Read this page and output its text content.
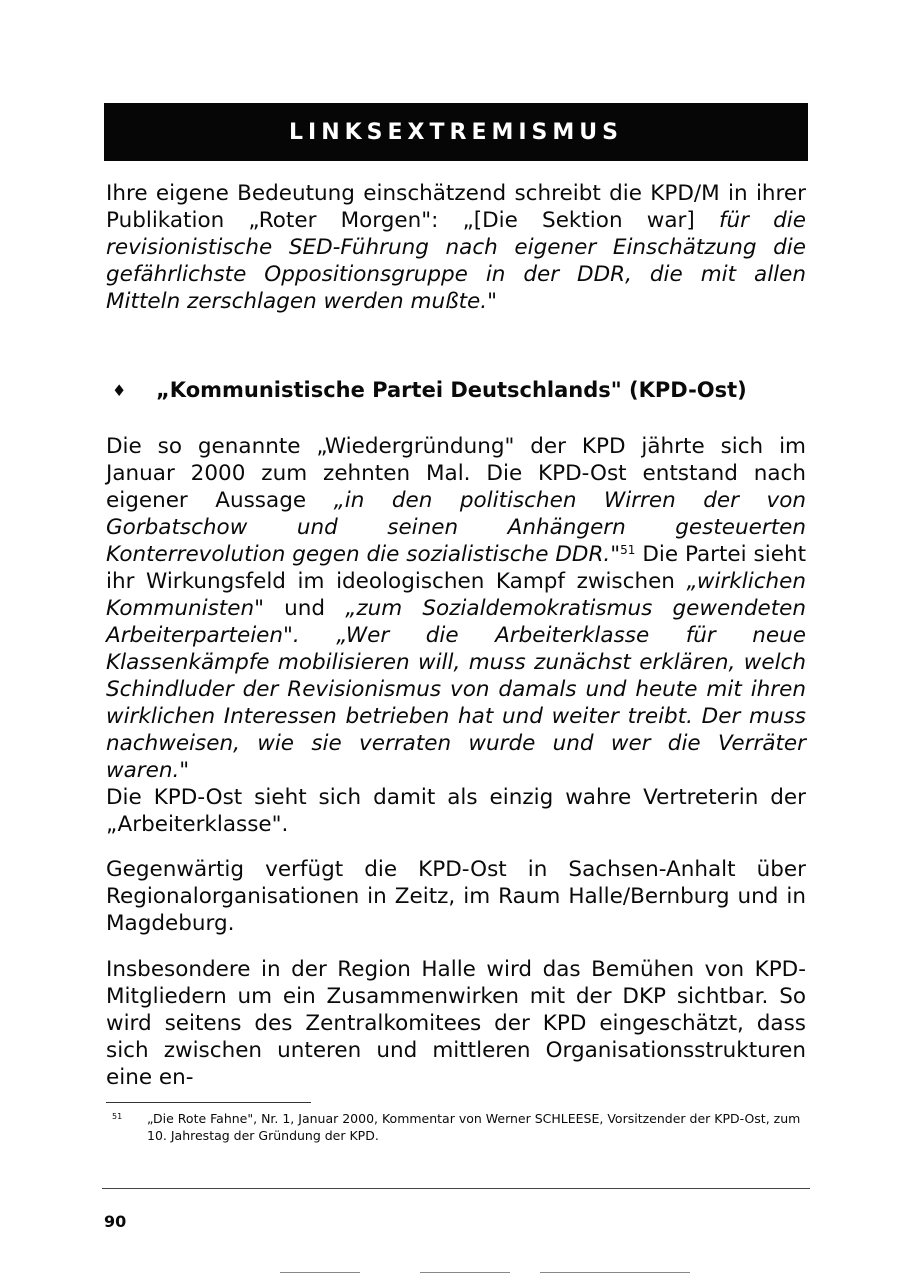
LINKSEXTREMISMUS
Ihre eigene Bedeutung einschätzend schreibt die KPD/M in ihrer Publikation „Roter Morgen": „[Die Sektion war] für die revisionistische SED-Führung nach eigener Einschätzung die gefährlichste Oppositionsgruppe in der DDR, die mit allen Mitteln zerschlagen werden mußte."
♦	„Kommunistische Partei Deutschlands" (KPD-Ost)
Die so genannte „Wiedergründung" der KPD jährte sich im Januar 2000 zum zehnten Mal. Die KPD-Ost entstand nach eigener Aussage „in den politischen Wirren der von Gorbatschow und seinen Anhängern gesteuerten Konterrevolution gegen die sozialistische DDR."$^{51}$ Die Partei sieht ihr Wirkungsfeld im ideologischen Kampf zwischen „wirklichen Kommunisten" und „zum Sozialdemokratismus gewendeten Arbeiterparteien". „Wer die Arbeiterklasse für neue Klassenkämpfe mobilisieren will, muss zunächst erklären, welch Schindluder der Revisionismus von damals und heute mit ihren wirklichen Interessen betrieben hat und weiter treibt. Der muss nachweisen, wie sie verraten wurde und wer die Verräter waren."
Die KPD-Ost sieht sich damit als einzig wahre Vertreterin der „Arbeiterklasse".
Gegenwärtig verfügt die KPD-Ost in Sachsen-Anhalt über Regionalorganisationen in Zeitz, im Raum Halle/Bernburg und in Magdeburg.
Insbesondere in der Region Halle wird das Bemühen von KPD-Mitgliedern um ein Zusammenwirken mit der DKP sichtbar. So wird seitens des Zentralkomitees der KPD eingeschätzt, dass sich zwischen unteren und mittleren Organisationsstrukturen eine en-
51 „Die Rote Fahne", Nr. 1, Januar 2000, Kommentar von Werner SCHLEESE, Vorsitzender der KPD-Ost, zum 10. Jahrestag der Gründung der KPD.
90
